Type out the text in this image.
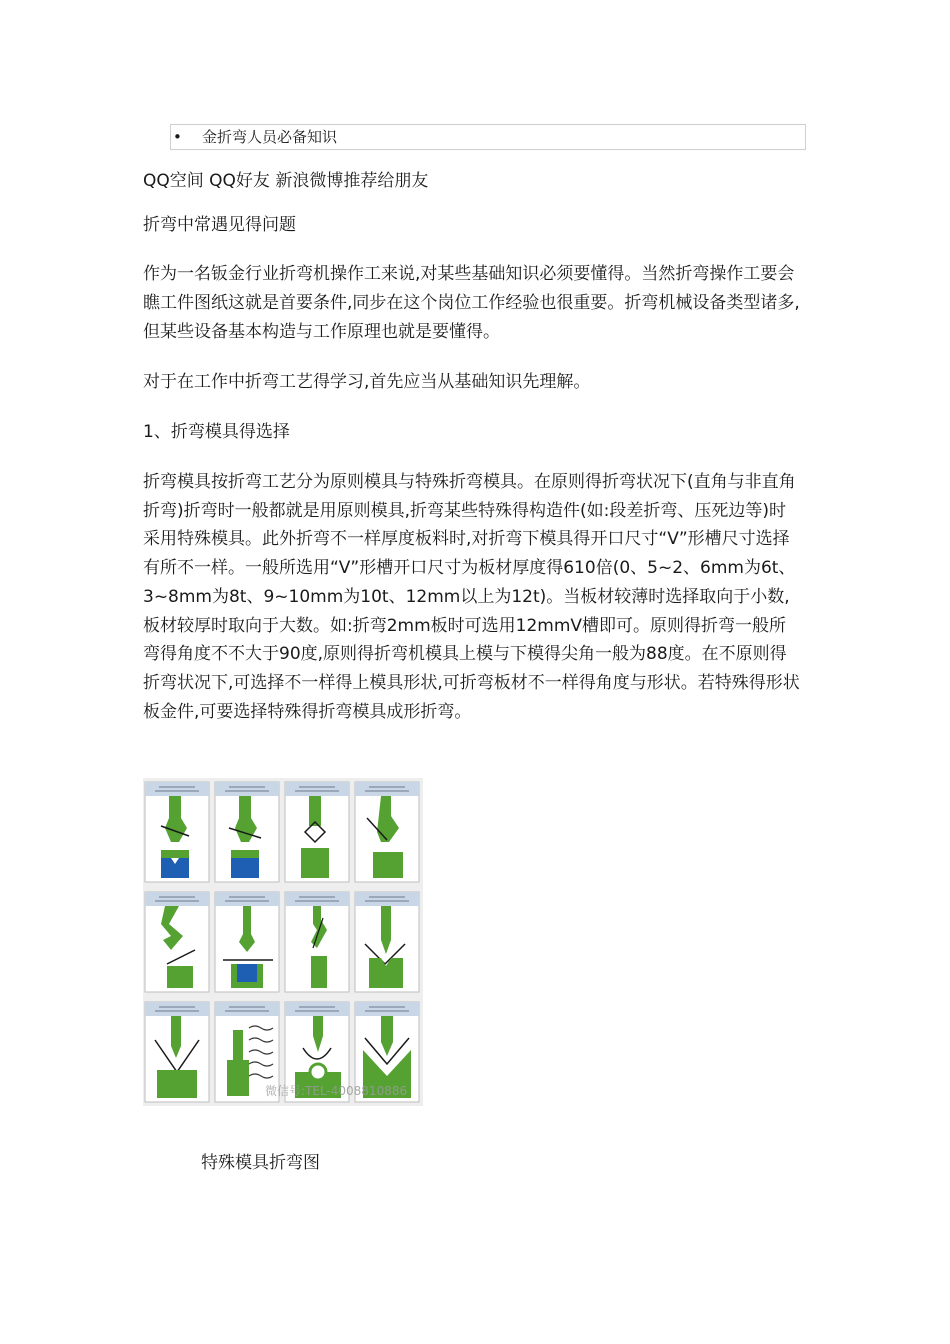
• 金折弯人员必备知识

QQ空间 QQ好友 新浪微博推荐给朋友

折弯中常遇见得问题

作为一名钣金行业折弯机操作工来说,对某些基础知识必须要懂得。当然折弯操作工要会瞧工件图纸这就是首要条件,同步在这个岗位工作经验也很重要。折弯机械设备类型诸多,但某些设备基本构造与工作原理也就是要懂得。

对于在工作中折弯工艺得学习,首先应当从基础知识先理解。

1、折弯模具得选择

折弯模具按折弯工艺分为原则模具与特殊折弯模具。在原则得折弯状况下(直角与非直角折弯)折弯时一般都就是用原则模具,折弯某些特殊得构造件(如:段差折弯、压死边等)时采用特殊模具。此外折弯不一样厚度板料时,对折弯下模具得开口尺寸“V”形槽尺寸选择有所不一样。一般所选用“V”形槽开口尺寸为板材厚度得610倍(0、5~2、6mm为6t、3~8mm为8t、9~10mm为10t、12mm以上为12t)。当板材较薄时选择取向于小数,板材较厚时取向于大数。如:折弯2mm板时可选用12mmV槽即可。原则得折弯一般所弯得角度不不大于90度,原则得折弯机模具上模与下模得尖角一般为88度。在不原则得折弯状况下,可选择不一样得上模具形状,可折弯板材不一样得角度与形状。若特殊得形状板金件,可要选择特殊得折弯模具成形折弯。

微信号:TEL-4008810886
特殊模具折弯图
